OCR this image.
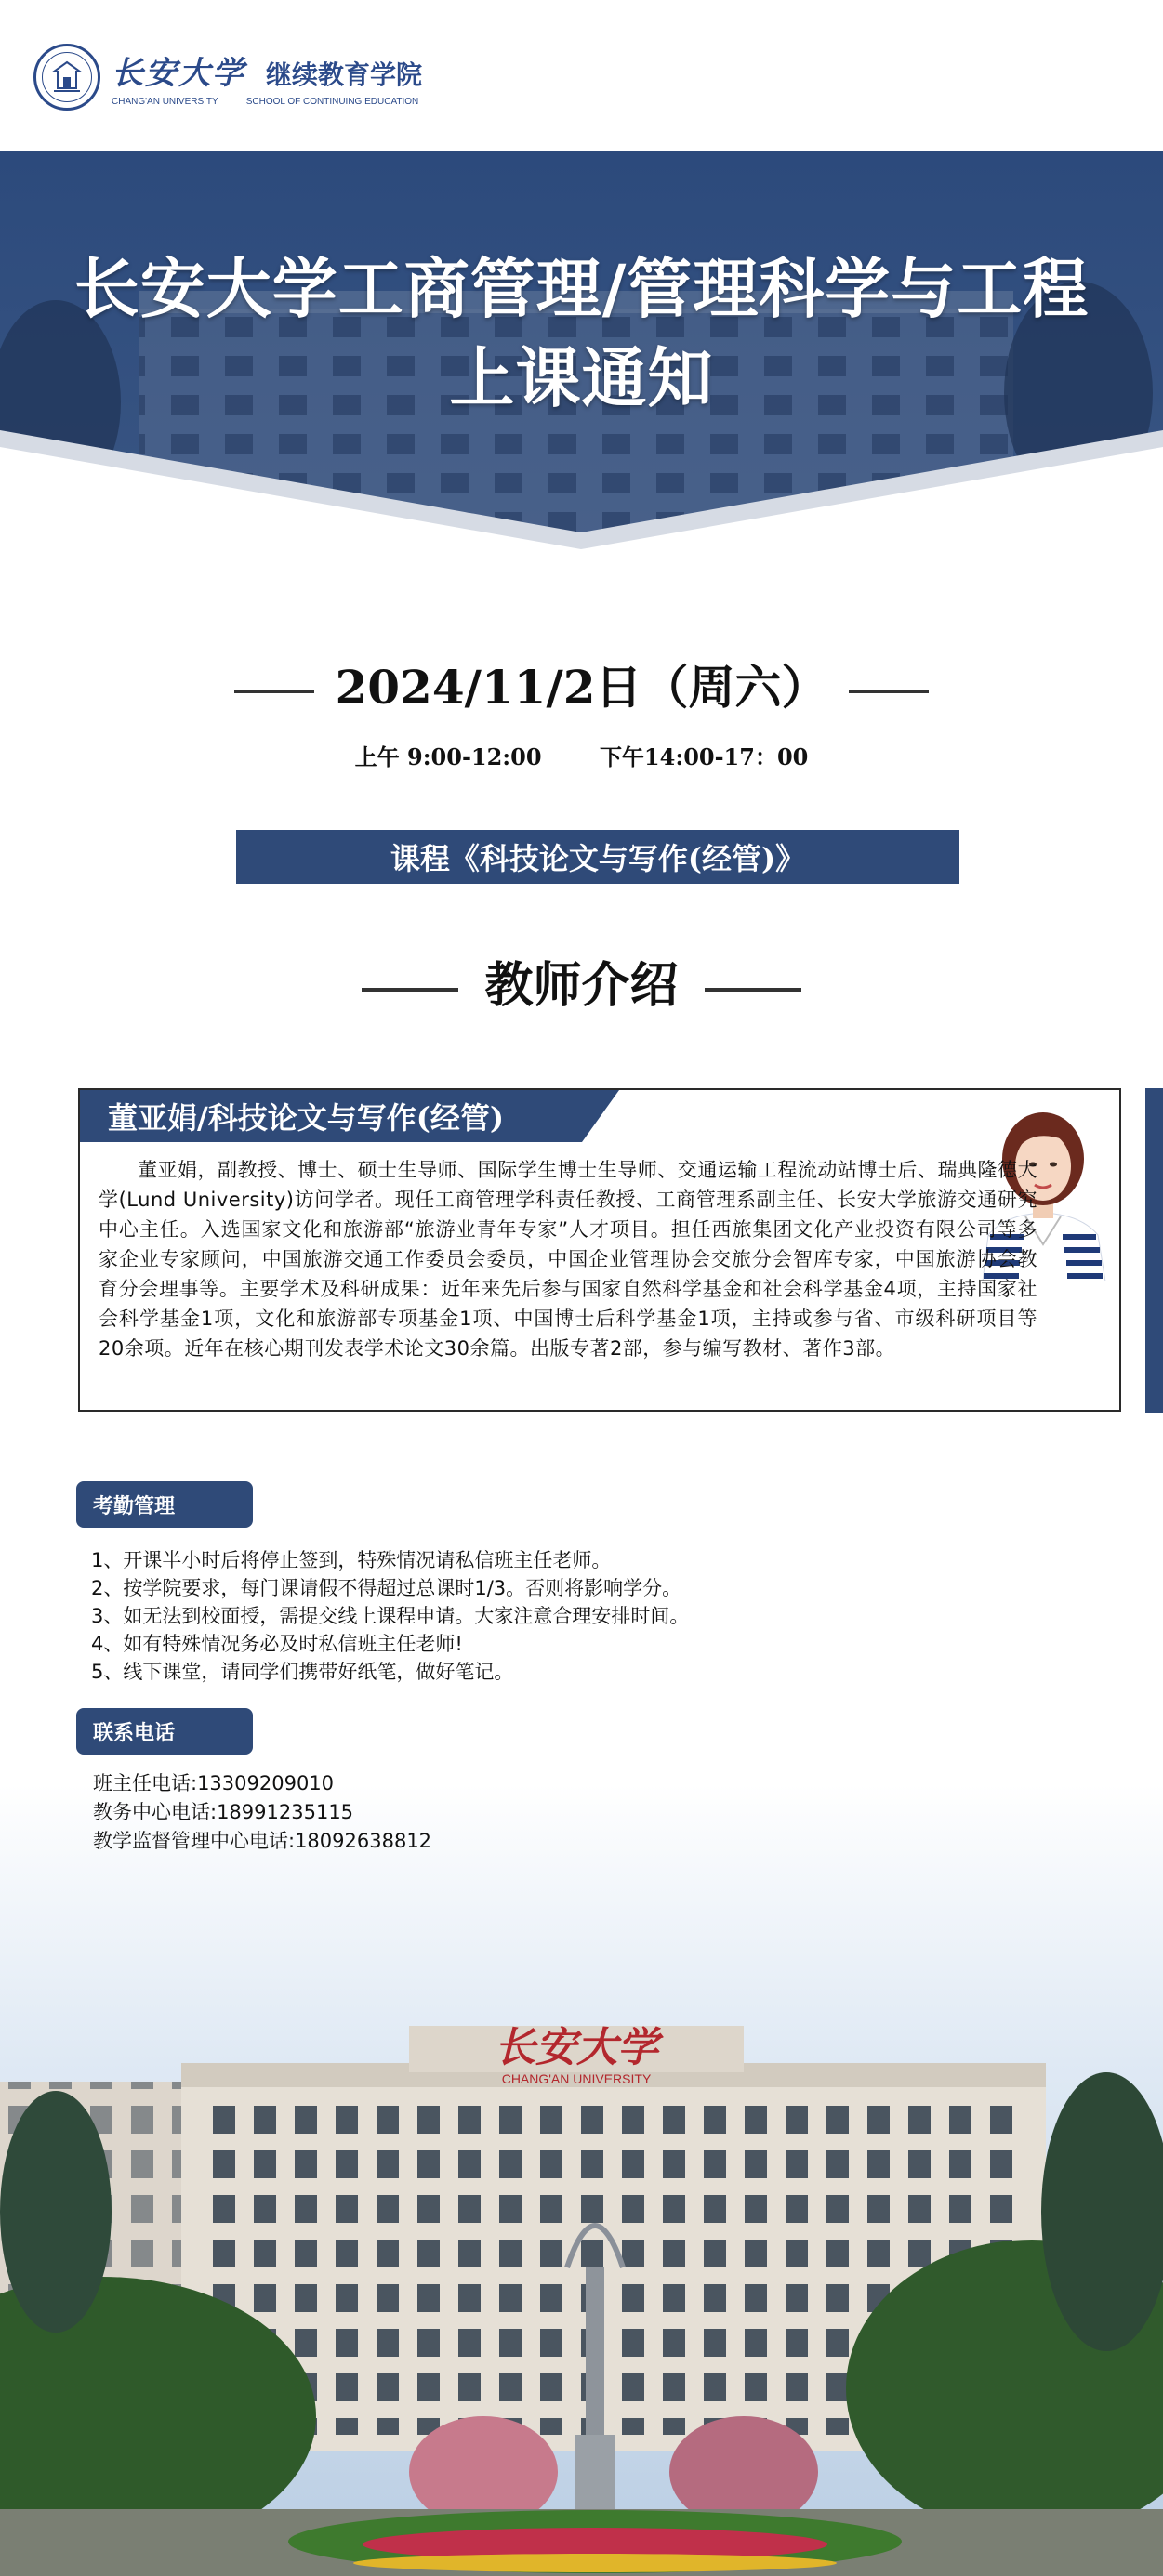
长安大学 继续教育学院
CHANG'AN UNIVERSITY	SCHOOL OF CONTINUING EDUCATION
长安大学工商管理/管理科学与工程
上课通知
2024/11/2日（周六）
上午 9:00-12:00	下午14:00-17：00
课程《科技论文与写作(经管)》
教师介绍
董亚娟/科技论文与写作(经管)
董亚娟，副教授、博士、硕士生导师、国际学生博士生导师、交通运输工程流动站博士后、瑞典隆德大学(Lund University)访问学者。现任工商管理学科责任教授、工商管理系副主任、长安大学旅游交通研究中心主任。入选国家文化和旅游部“旅游业青年专家”人才项目。担任西旅集团文化产业投资有限公司等多家企业专家顾问，中国旅游交通工作委员会委员，中国企业管理协会交旅分会智库专家，中国旅游协会教育分会理事等。主要学术及科研成果：近年来先后参与国家自然科学基金和社会科学基金4项，主持国家社会科学基金1项，文化和旅游部专项基金1项、中国博士后科学基金1项，主持或参与省、市级科研项目等20余项。近年在核心期刊发表学术论文30余篇。出版专著2部，参与编写教材、著作3部。
考勤管理
1、开课半小时后将停止签到，特殊情况请私信班主任老师。
2、按学院要求，每门课请假不得超过总课时1/3。否则将影响学分。
3、如无法到校面授，需提交线上课程申请。大家注意合理安排时间。
4、如有特殊情况务必及时私信班主任老师!
5、线下课堂，请同学们携带好纸笔，做好笔记。
长安大学
CHANG'AN UNIVERSITY
联系电话
班主任电话:13309209010
教务中心电话:18991235115
教学监督管理中心电话:18092638812
